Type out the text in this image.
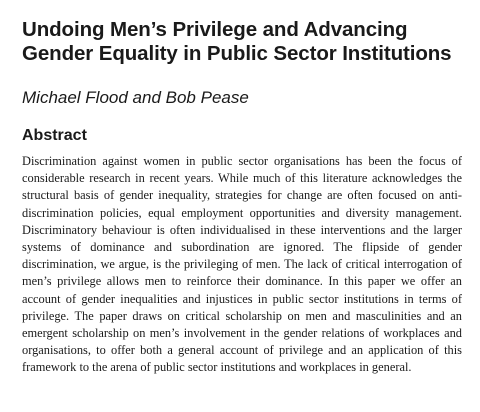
Undoing Men’s Privilege and Advancing Gender Equality in Public Sector Institutions

Michael Flood and Bob Pease

Abstract

Discrimination against women in public sector organisations has been the focus of considerable research in recent years. While much of this literature acknowledges the structural basis of gender inequality, strategies for change are often focused on anti-discrimination policies, equal employment opportunities and diversity management. Discriminatory behaviour is often individualised in these interventions and the larger systems of dominance and subordination are ignored. The flipside of gender discrimination, we argue, is the privileging of men. The lack of critical interrogation of men’s privilege allows men to reinforce their dominance. In this paper we offer an account of gender inequalities and injustices in public sector institutions in terms of privilege. The paper draws on critical scholarship on men and masculinities and an emergent scholarship on men’s involvement in the gender relations of workplaces and organisations, to offer both a general account of privilege and an application of this framework to the arena of public sector institutions and workplaces in general.
